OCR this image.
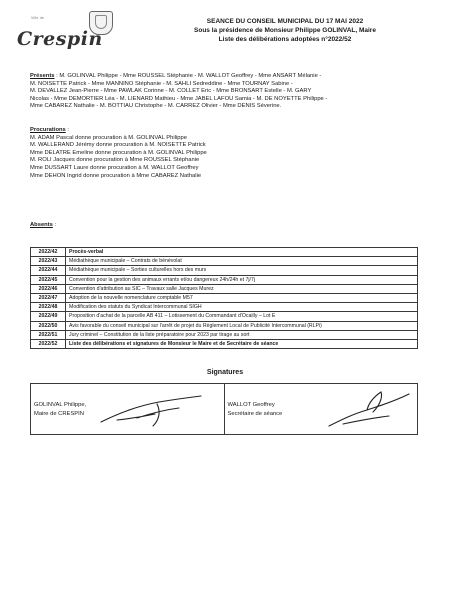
Ville de
Crespin
SEANCE DU CONSEIL MUNICIPAL DU 17 MAI 2022
Sous la présidence de Monsieur Philippe GOLINVAL, Maire
Liste des délibérations adoptées n°2022/52
Présents : M. GOLINVAL Philippe - Mme ROUSSEL Stéphanie - M. WALLOT Geoffrey - Mme ANSART Mélanie -
M. NOISETTE Patrick - Mme MANNINO Stéphanie - M. SAHLI Sedreddine - Mme TOURNAY Sabine -
M. DEVALLEZ Jean-Pierre - Mme PAWLAK Corinne - M. COLLET Eric - Mme BRONSART Estelle - M. GARY
Nicolas - Mme DEMORTIER Léa - M. LIENARD Mathieu - Mme JABEL LAFOU Samia - M. DE NOYETTE Philippe -
Mme CABAREZ Nathalie - M. BOTTIAU Christophe - M. CARREZ Olivier - Mme DENIS Séverine.
Procurations :
M. ADAM Pascal donne procuration à M. GOLINVAL Philippe
M. WALLERAND Jérémy donne procuration à M. NOISETTE Patrick
Mme DELATRE Emeline donne procuration à M. GOLINVAL Philippe
M. ROLI Jacques donne procuration à Mme ROUSSEL Stéphanie
Mme DUSSART Laure donne procuration à M. WALLOT Geoffrey
Mme DEHON Ingrid donne procuration à Mme CABAREZ Nathalie
Absents :
2022/42	Procès-verbal
2022/43	Médiathèque municipale – Contrats de bénévolat
2022/44	Médiathèque municipale – Sorties culturelles hors des murs
2022/45	Convention pour la gestion des animaux errants et/ou dangereux 24h/24h et 7j/7j
2022/46	Convention d'attribution au SIC – Travaux salle Jacques Murez
2022/47	Adoption de la nouvelle nomenclature comptable M57
2022/48	Modification des statuts du Syndicat Intercommunal SIGH
2022/49	Proposition d'achat de la parcelle AB 411 – Lotissement du Commandant d'Ocailly – Lot E
2022/50	Avis favorable du conseil municipal sur l'arrêt de projet du Règlement Local de Publicité Intercommunal (RLPi)
2022/51	Jury criminel – Constitution de la liste préparatoire pour 2023 par tirage au sort
2022/52	Liste des délibérations et signatures de Monsieur le Maire et de Secrétaire de séance
Signatures
GOLINVAL Philippe,
Maire de CRESPIN

WALLOT Geoffrey
Secrétaire de séance
